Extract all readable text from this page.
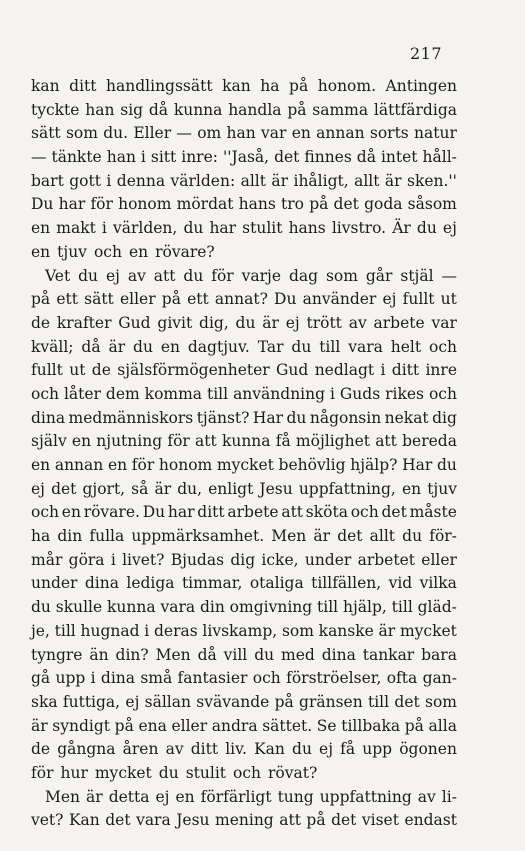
217
kan ditt handlingssätt kan ha på honom. Antingen
tyckte han sig då kunna handla på samma lättfärdiga
sätt som du. Eller — om han var en annan sorts natur
— tänkte han i sitt inre: ''Jaså, det finnes då intet håll-
bart gott i denna världen: allt är ihåligt, allt är sken.''
Du har för honom mördat hans tro på det goda såsom
en makt i världen, du har stulit hans livstro. Är du ej
en tjuv och en rövare?
Vet du ej av att du för varje dag som går stjäl —
på ett sätt eller på ett annat? Du använder ej fullt ut
de krafter Gud givit dig, du är ej trött av arbete var
kväll; då är du en dagtjuv. Tar du till vara helt och
fullt ut de själsförmögenheter Gud nedlagt i ditt inre
och låter dem komma till användning i Guds rikes och
dina medmänniskors tjänst? Har du någonsin nekat dig
själv en njutning för att kunna få möjlighet att bereda
en annan en för honom mycket behövlig hjälp? Har du
ej det gjort, så är du, enligt Jesu uppfattning, en tjuv
och en rövare. Du har ditt arbete att sköta och det måste
ha din fulla uppmärksamhet. Men är det allt du för-
mår göra i livet? Bjudas dig icke, under arbetet eller
under dina lediga timmar, otaliga tillfällen, vid vilka
du skulle kunna vara din omgivning till hjälp, till gläd-
je, till hugnad i deras livskamp, som kanske är mycket
tyngre än din? Men då vill du med dina tankar bara
gå upp i dina små fantasier och förströelser, ofta gan-
ska futtiga, ej sällan svävande på gränsen till det som
är syndigt på ena eller andra sättet. Se tillbaka på alla
de gångna åren av ditt liv. Kan du ej få upp ögonen
för hur mycket du stulit och rövat?
Men är detta ej en förfärligt tung uppfattning av li-
vet? Kan det vara Jesu mening att på det viset endast
